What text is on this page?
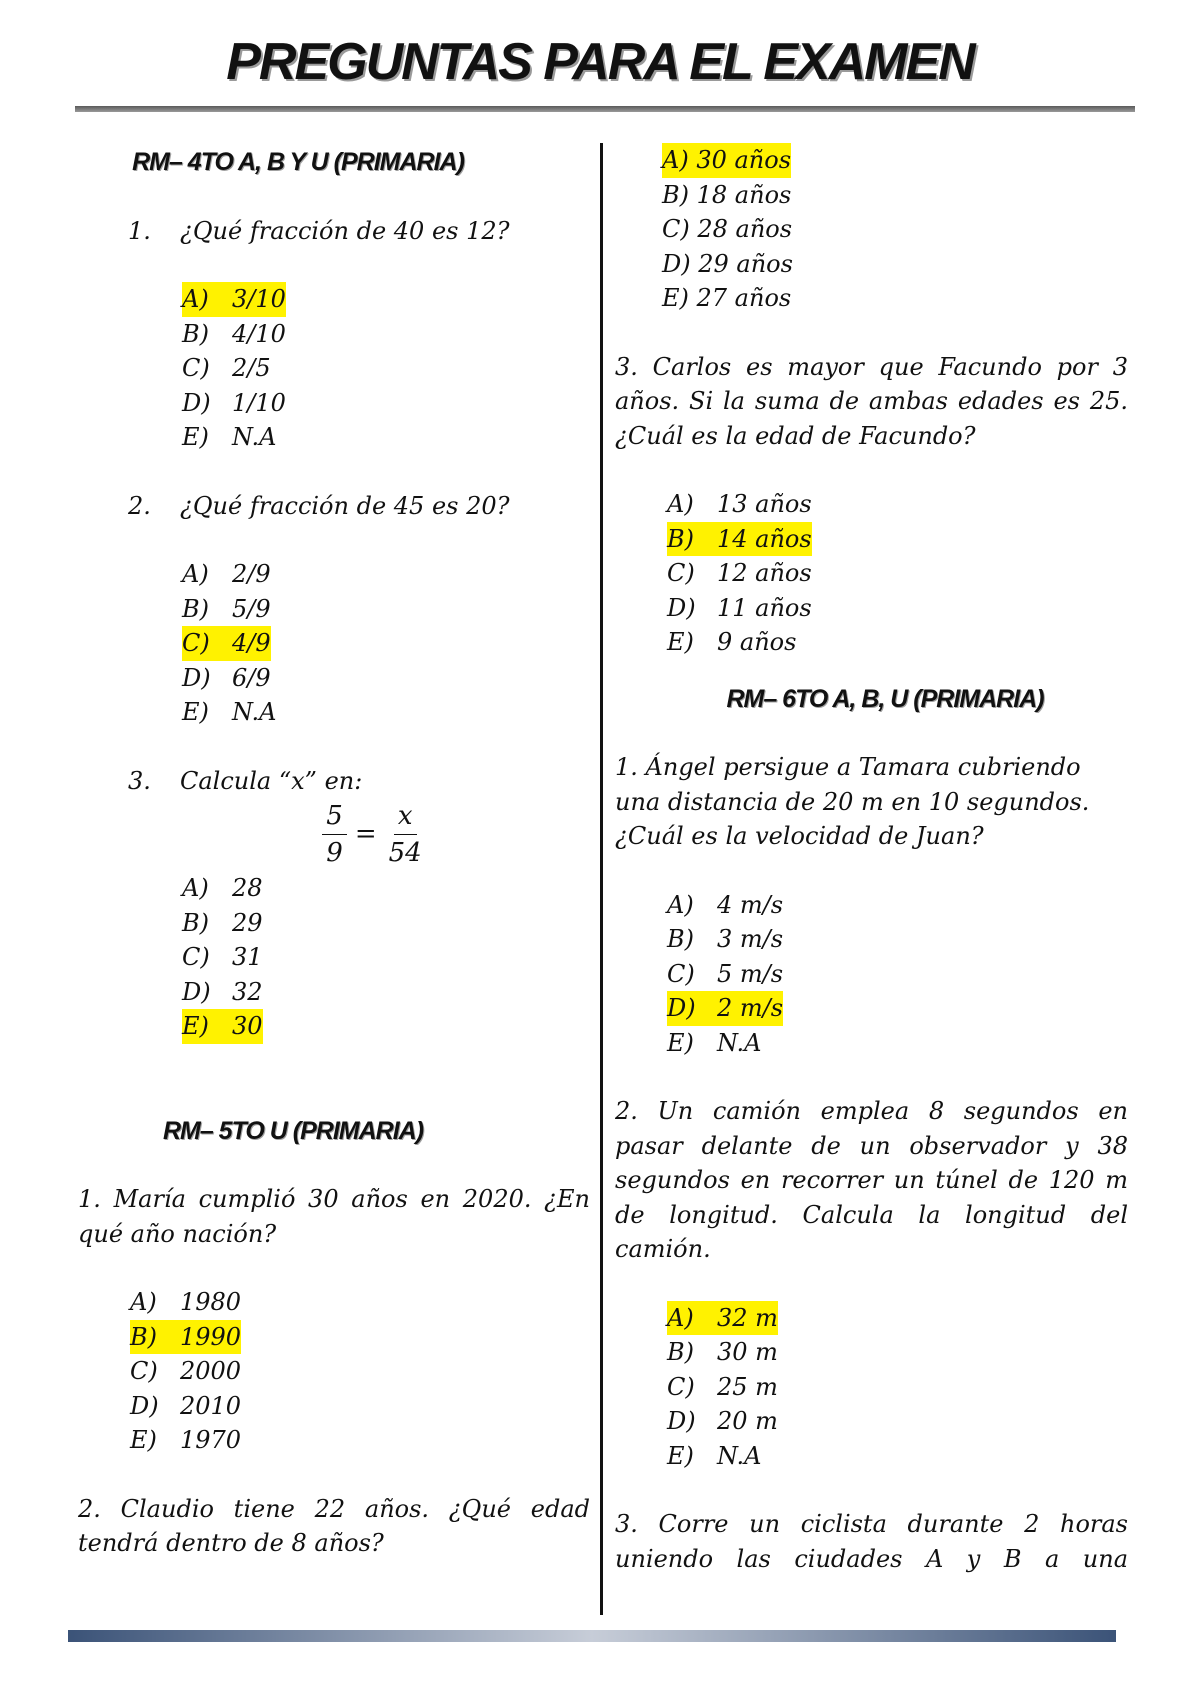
PREGUNTAS PARA EL EXAMEN
RM– 4TO A, B Y U (PRIMARIA)
1.	¿Qué fracción de 40 es 12?
A) 3/10
B) 4/10
C) 2/5
D) 1/10
E) N.A
2.	¿Qué fracción de 45 es 20?
A) 2/9
B) 5/9
C) 4/9
D) 6/9
E) N.A
3.	Calcula “x” en:
$\frac{5}{9} = \frac{x}{54}$
A) 28
B) 29
C) 31
D) 32
E) 30
RM– 5TO U (PRIMARIA)
1. María cumplió 30 años en 2020. ¿En qué año nación?
A) 1980
B) 1990
C) 2000
D) 2010
E) 1970
2. Claudio tiene 22 años. ¿Qué edad tendrá dentro de 8 años?
A) 30 años
B) 18 años
C) 28 años
D) 29 años
E) 27 años
3. Carlos es mayor que Facundo por 3 años. Si la suma de ambas edades es 25. ¿Cuál es la edad de Facundo?
A) 13 años
B) 14 años
C) 12 años
D) 11 años
E) 9 años
RM– 6TO A, B, U (PRIMARIA)
1. Ángel persigue a Tamara cubriendo una distancia de 20 m en 10 segundos. ¿Cuál es la velocidad de Juan?
A) 4 m/s
B) 3 m/s
C) 5 m/s
D) 2 m/s
E) N.A
2. Un camión emplea 8 segundos en pasar delante de un observador y 38 segundos en recorrer un túnel de 120 m de longitud. Calcula la longitud del camión.
A) 32 m
B) 30 m
C) 25 m
D) 20 m
E) N.A
3. Corre un ciclista durante 2 horas uniendo las ciudades A y B a una
